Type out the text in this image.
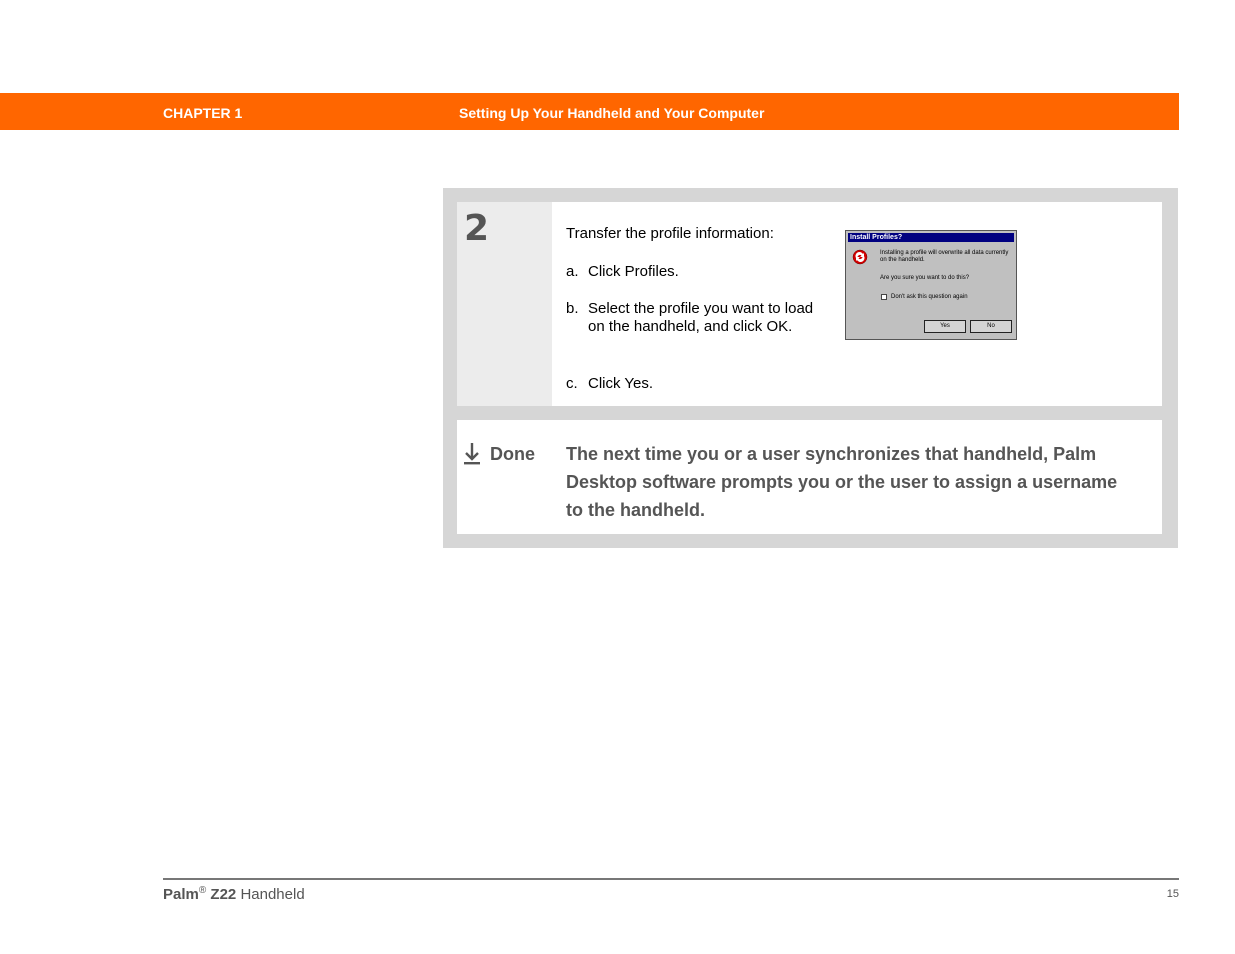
CHAPTER 1	Setting Up Your Handheld and Your Computer
2	Transfer the profile information:
a. Click Profiles.
b. Select the profile you want to load on the handheld, and click OK.
c. Click Yes.
Install Profiles?
Installing a profile will overwrite all data currently on the handheld.
Are you sure you want to do this?
Don't ask this question again
Yes	No
Done The next time you or a user synchronizes that handheld, Palm Desktop software prompts you or the user to assign a username to the handheld.
Palm® Z22 Handheld	15
